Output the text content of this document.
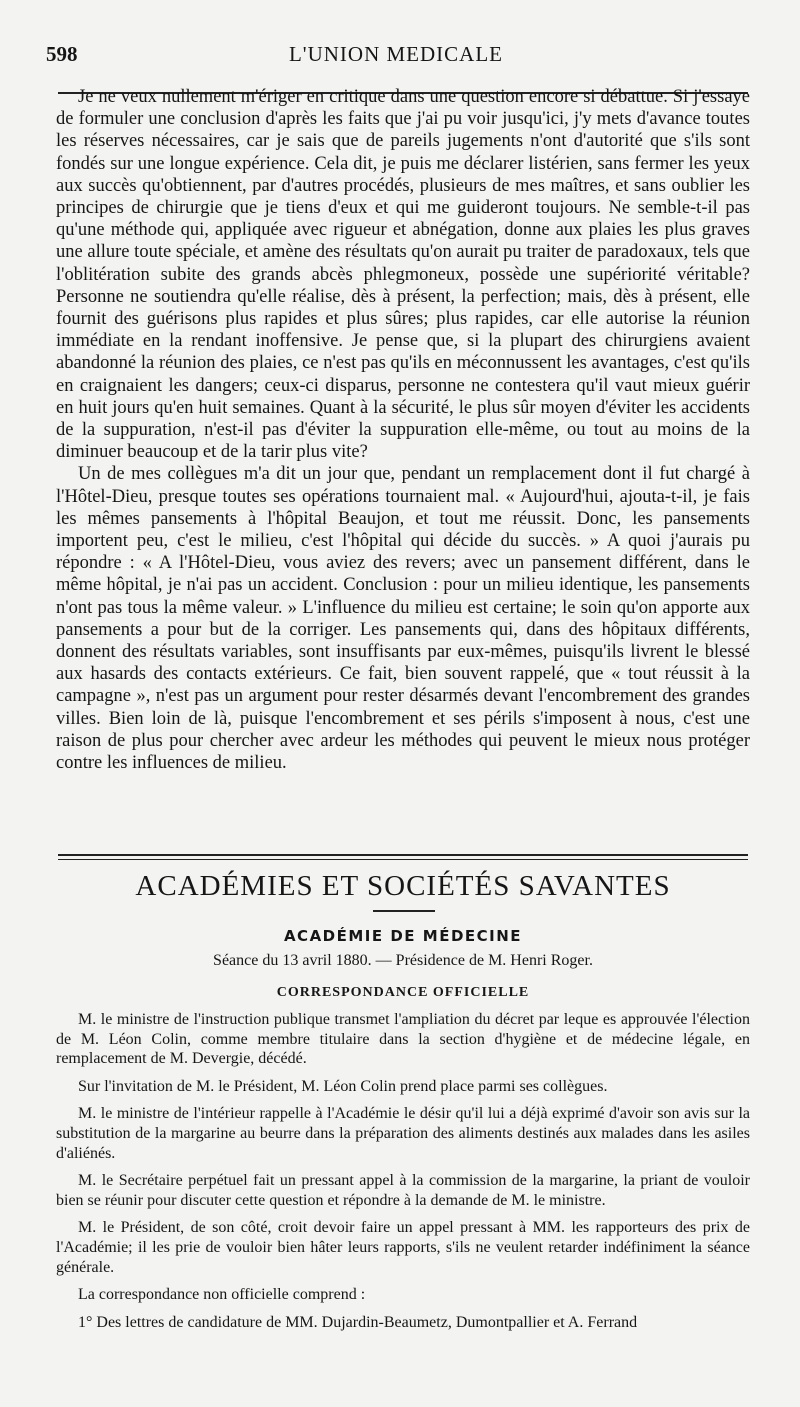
598	L'UNION MEDICALE

Je ne veux nullement m'ériger en critique dans une question encore si débattue. Si j'essaye de formuler une conclusion d'après les faits que j'ai pu voir jusqu'ici, j'y mets d'avance toutes les réserves nécessaires, car je sais que de pareils jugements n'ont d'autorité que s'ils sont fondés sur une longue expérience. Cela dit, je puis me déclarer listérien, sans fermer les yeux aux succès qu'obtiennent, par d'autres procédés, plusieurs de mes maîtres, et sans oublier les principes de chirurgie que je tiens d'eux et qui me guideront toujours. Ne semble-t-il pas qu'une méthode qui, appliquée avec rigueur et abnégation, donne aux plaies les plus graves une allure toute spéciale, et amène des résultats qu'on aurait pu traiter de paradoxaux, tels que l'oblitération subite des grands abcès phlegmoneux, possède une supériorité véritable? Personne ne soutiendra qu'elle réalise, dès à présent, la perfection; mais, dès à présent, elle fournit des guérisons plus rapides et plus sûres; plus rapides, car elle autorise la réunion immédiate en la rendant inoffensive. Je pense que, si la plupart des chirurgiens avaient abandonné la réunion des plaies, ce n'est pas qu'ils en méconnussent les avantages, c'est qu'ils en craignaient les dangers; ceux-ci disparus, personne ne contestera qu'il vaut mieux guérir en huit jours qu'en huit semaines. Quant à la sécurité, le plus sûr moyen d'éviter les accidents de la suppuration, n'est-il pas d'éviter la suppuration elle-même, ou tout au moins de la diminuer beaucoup et de la tarir plus vite?

Un de mes collègues m'a dit un jour que, pendant un remplacement dont il fut chargé à l'Hôtel-Dieu, presque toutes ses opérations tournaient mal. « Aujourd'hui, ajouta-t-il, je fais les mêmes pansements à l'hôpital Beaujon, et tout me réussit. Donc, les pansements importent peu, c'est le milieu, c'est l'hôpital qui décide du succès. » A quoi j'aurais pu répondre : « A l'Hôtel-Dieu, vous aviez des revers; avec un pansement différent, dans le même hôpital, je n'ai pas un accident. Conclusion : pour un milieu identique, les pansements n'ont pas tous la même valeur. » L'influence du milieu est certaine; le soin qu'on apporte aux pansements a pour but de la corriger. Les pansements qui, dans des hôpitaux différents, donnent des résultats variables, sont insuffisants par eux-mêmes, puisqu'ils livrent le blessé aux hasards des contacts extérieurs. Ce fait, bien souvent rappelé, que « tout réussit à la campagne », n'est pas un argument pour rester désarmés devant l'encombrement des grandes villes. Bien loin de là, puisque l'encombrement et ses périls s'imposent à nous, c'est une raison de plus pour chercher avec ardeur les méthodes qui peuvent le mieux nous protéger contre les influences de milieu.

ACADÉMIES ET SOCIÉTÉS SAVANTES
ACADÉMIE DE MÉDECINE
Séance du 13 avril 1880. — Présidence de M. Henri Roger.
CORRESPONDANCE OFFICIELLE

M. le ministre de l'instruction publique transmet l'ampliation du décret par leque es approuvée l'élection de M. Léon Colin, comme membre titulaire dans la section d'hygiène et de médecine légale, en remplacement de M. Devergie, décédé.

Sur l'invitation de M. le Président, M. Léon Colin prend place parmi ses collègues.

M. le ministre de l'intérieur rappelle à l'Académie le désir qu'il lui a déjà exprimé d'avoir son avis sur la substitution de la margarine au beurre dans la préparation des aliments destinés aux malades dans les asiles d'aliénés.

M. le Secrétaire perpétuel fait un pressant appel à la commission de la margarine, la priant de vouloir bien se réunir pour discuter cette question et répondre à la demande de M. le ministre.

M. le Président, de son côté, croit devoir faire un appel pressant à MM. les rapporteurs des prix de l'Académie; il les prie de vouloir bien hâter leurs rapports, s'ils ne veulent retarder indéfiniment la séance générale.

La correspondance non officielle comprend :

1° Des lettres de candidature de MM. Dujardin-Beaumetz, Dumontpallier et A. Ferrand
